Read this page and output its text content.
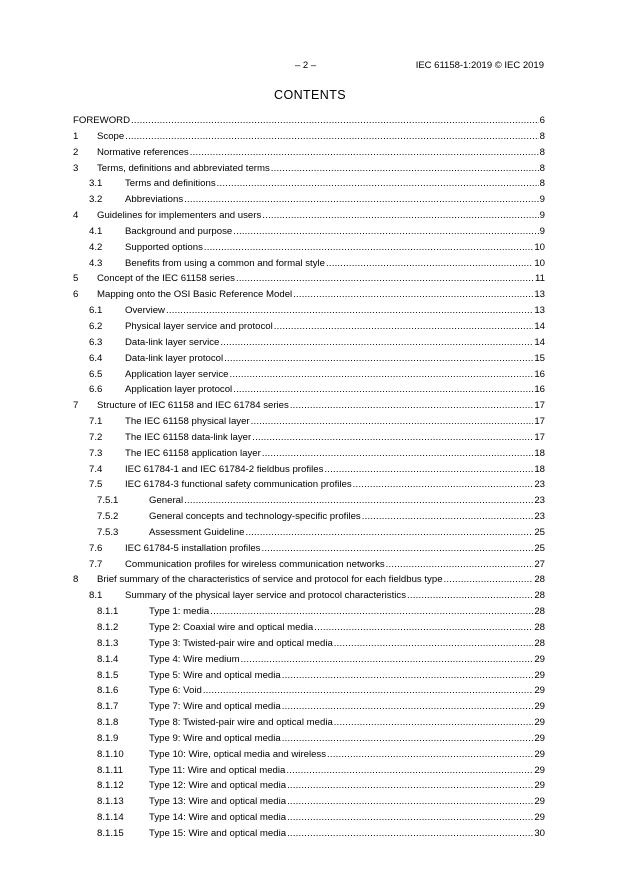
– 2 –	IEC 61158-1:2019 © IEC 2019
CONTENTS
FOREWORD .....	6
1	Scope .....	8
2	Normative references .....	8
3	Terms, definitions and abbreviated terms .....	8
3.1	Terms and definitions .....	8
3.2	Abbreviations .....	9
4	Guidelines for implementers and users .....	9
4.1	Background and purpose .....	9
4.2	Supported options .....	10
4.3	Benefits from using a common and formal style .....	10
5	Concept of the IEC 61158 series .....	11
6	Mapping onto the OSI Basic Reference Model .....	13
6.1	Overview .....	13
6.2	Physical layer service and protocol .....	14
6.3	Data-link layer service .....	14
6.4	Data-link layer protocol .....	15
6.5	Application layer service .....	16
6.6	Application layer protocol .....	16
7	Structure of IEC 61158 and IEC 61784 series .....	17
7.1	The IEC 61158 physical layer .....	17
7.2	The IEC 61158 data-link layer .....	17
7.3	The IEC 61158 application layer .....	18
7.4	IEC 61784-1 and IEC 61784-2 fieldbus profiles .....	18
7.5	IEC 61784-3 functional safety communication profiles .....	23
7.5.1	General .....	23
7.5.2	General concepts and technology-specific profiles .....	23
7.5.3	Assessment Guideline .....	25
7.6	IEC 61784-5 installation profiles .....	25
7.7	Communication profiles for wireless communication networks .....	27
8	Brief summary of the characteristics of service and protocol for each fieldbus type .....	28
8.1	Summary of the physical layer service and protocol characteristics .....	28
8.1.1	Type 1: media .....	28
8.1.2	Type 2: Coaxial wire and optical media .....	28
8.1.3	Type 3: Twisted-pair wire and optical media .....	28
8.1.4	Type 4: Wire medium .....	29
8.1.5	Type 5: Wire and optical media .....	29
8.1.6	Type 6: Void .....	29
8.1.7	Type 7: Wire and optical media .....	29
8.1.8	Type 8: Twisted-pair wire and optical media .....	29
8.1.9	Type 9: Wire and optical media .....	29
8.1.10	Type 10: Wire, optical media and wireless .....	29
8.1.11	Type 11: Wire and optical media .....	29
8.1.12	Type 12: Wire and optical media .....	29
8.1.13	Type 13: Wire and optical media .....	29
8.1.14	Type 14: Wire and optical media .....	29
8.1.15	Type 15: Wire and optical media .....	30
